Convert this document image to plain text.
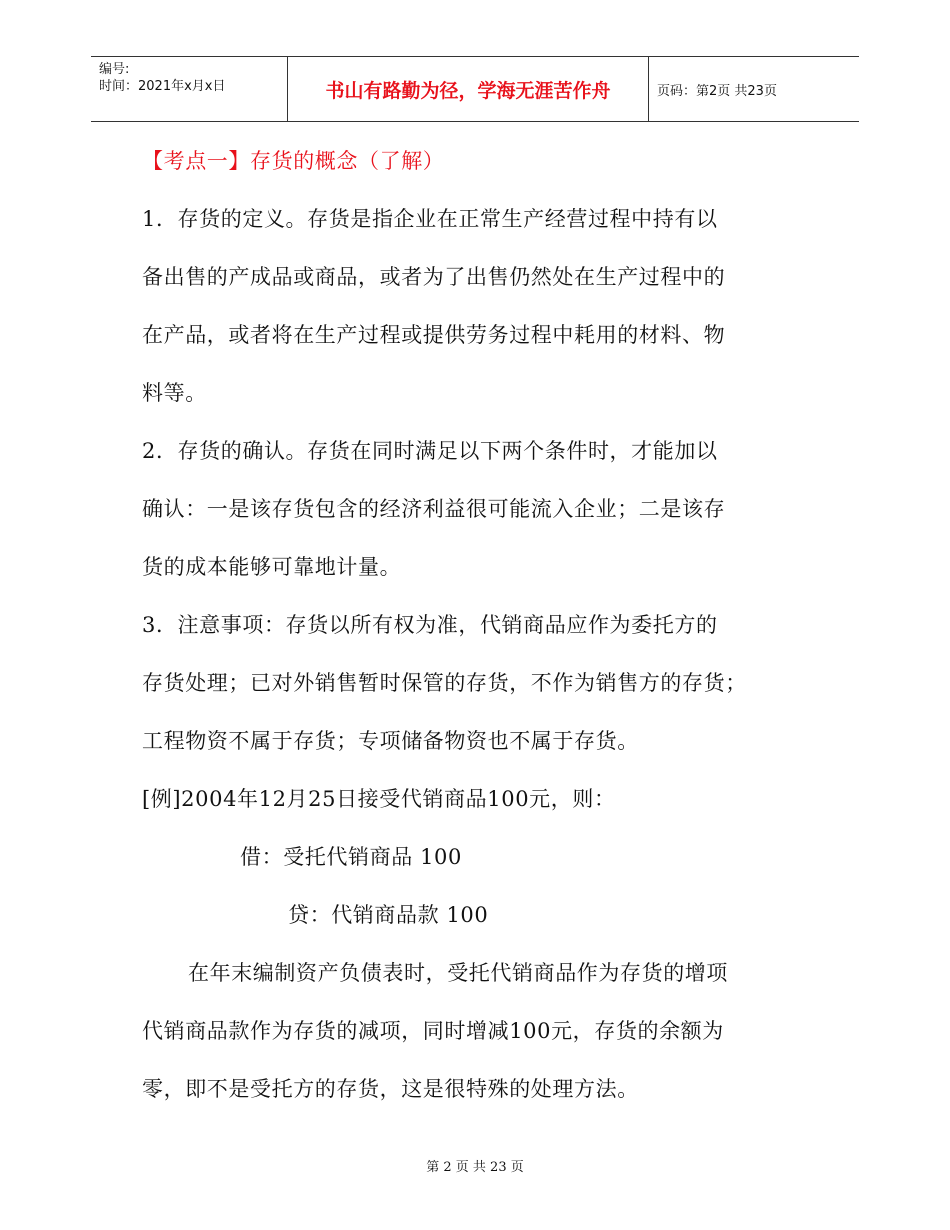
编号:
时间：2021年x月x日	书山有路勤为径，学海无涯苦作舟	页码：第2页 共23页
【考点一】存货的概念（了解）
1．存货的定义。存货是指企业在正常生产经营过程中持有以
备出售的产成品或商品，或者为了出售仍然处在生产过程中的
在产品，或者将在生产过程或提供劳务过程中耗用的材料、物
料等。
2．存货的确认。存货在同时满足以下两个条件时，才能加以
确认：一是该存货包含的经济利益很可能流入企业；二是该存
货的成本能够可靠地计量。
3．注意事项：存货以所有权为准，代销商品应作为委托方的
存货处理；已对外销售暂时保管的存货，不作为销售方的存货；
工程物资不属于存货；专项储备物资也不属于存货。
[例]2004年12月25日接受代销商品100元，则：
借：受托代销商品 100
贷：代销商品款 100
在年末编制资产负债表时，受托代销商品作为存货的增项
代销商品款作为存货的减项，同时增减100元，存货的余额为
零，即不是受托方的存货，这是很特殊的处理方法。
第 2 页 共 23 页
